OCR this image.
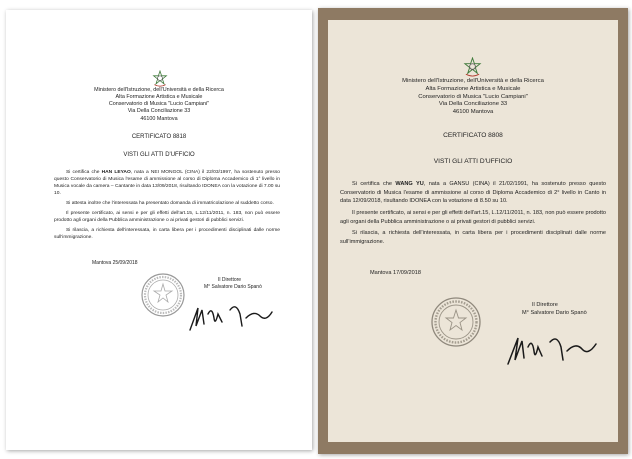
Ministero dell'Istruzione, dell'Università e della Ricerca
Alta Formazione Artistica e Musicale
Conservatorio di Musica "Lucio Campiani"
Via Della Conciliazione 33
46100 Mantova
CERTIFICATO 8818
VISTI GLI ATTI D'UFFICIO

Si certifica che HAN LEYAO, nata a NEI MONGOL (CINA) il 22/03/1997, ha sostenuto presso questo Conservatorio di Musica l'esame di ammissione al corso di Diploma Accademico di 1° livello in Musica vocale da camera – Cantante in data 13/09/2018, risultando IDONEA con la votazione di 7.00 su 10.

Si attesta inoltre che l'interessata ha presentato domanda di immatricolazione al suddetto corso.

Il presente certificato, ai sensi e per gli effetti dell'art.15, L.12/11/2011, n. 183, non può essere prodotto agli organi della Pubblica amministrazione o ai privati gestori di pubblici servizi.

Si rilascia, a richiesta dell'interessata, in carta libera per i procedimenti disciplinati dalle norme sull'immigrazione.

Mantova 25/09/2018
Il Direttore
M° Salvatore Dario Spanò
Ministero dell'Istruzione, dell'Università e della Ricerca
Alta Formazione Artistica e Musicale
Conservatorio di Musica "Lucio Campiani"
Via Della Conciliazione 33
46100 Mantova
CERTIFICATO 8808
VISTI GLI ATTI D'UFFICIO

Si certifica che WANG YU, nata a GANSU (CINA) il 21/02/1991, ha sostenuto presso questo Conservatorio di Musica l'esame di ammissione al corso di Diploma Accademico di 2° livello in Canto in data 12/09/2018, risultando IDONEA con la votazione di 8.50 su 10.

Il presente certificato, ai sensi e per gli effetti dell'art.15, L.12/11/2011, n. 183, non può essere prodotto agli organi della Pubblica amministrazione o ai privati gestori di pubblici servizi.

Si rilascia, a richiesta dell'interessata, in carta libera per i procedimenti disciplinati dalle norme sull'immigrazione.

Mantova 17/09/2018
Il Direttore
M° Salvatore Dario Spanò
